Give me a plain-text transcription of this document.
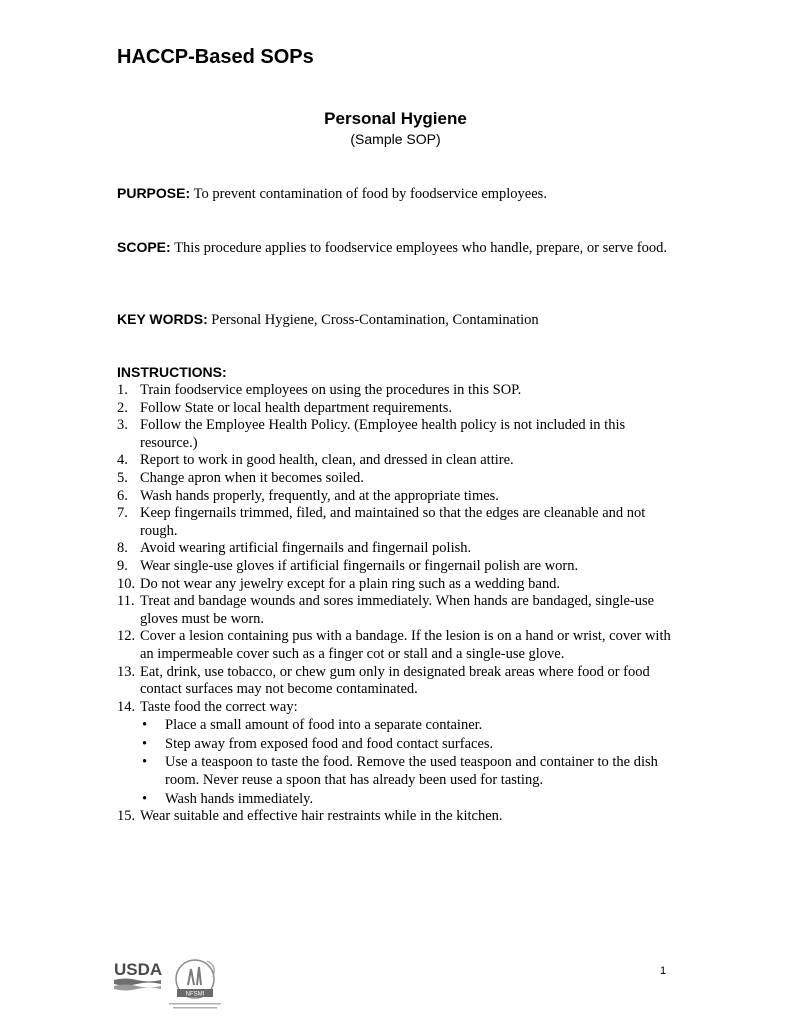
HACCP-Based SOPs
Personal Hygiene
(Sample SOP)
PURPOSE: To prevent contamination of food by foodservice employees.
SCOPE: This procedure applies to foodservice employees who handle, prepare, or serve food.
KEY WORDS: Personal Hygiene, Cross-Contamination, Contamination
INSTRUCTIONS:
1. Train foodservice employees on using the procedures in this SOP.
2. Follow State or local health department requirements.
3. Follow the Employee Health Policy. (Employee health policy is not included in this resource.)
4. Report to work in good health, clean, and dressed in clean attire.
5. Change apron when it becomes soiled.
6. Wash hands properly, frequently, and at the appropriate times.
7. Keep fingernails trimmed, filed, and maintained so that the edges are cleanable and not rough.
8. Avoid wearing artificial fingernails and fingernail polish.
9. Wear single-use gloves if artificial fingernails or fingernail polish are worn.
10. Do not wear any jewelry except for a plain ring such as a wedding band.
11. Treat and bandage wounds and sores immediately. When hands are bandaged, single-use gloves must be worn.
12. Cover a lesion containing pus with a bandage. If the lesion is on a hand or wrist, cover with an impermeable cover such as a finger cot or stall and a single-use glove.
13. Eat, drink, use tobacco, or chew gum only in designated break areas where food or food contact surfaces may not become contaminated.
14. Taste food the correct way:
• Place a small amount of food into a separate container.
• Step away from exposed food and food contact surfaces.
• Use a teaspoon to taste the food. Remove the used teaspoon and container to the dish room. Never reuse a spoon that has already been used for tasting.
• Wash hands immediately.
15. Wear suitable and effective hair restraints while in the kitchen.
USDA
NFSMI
1
